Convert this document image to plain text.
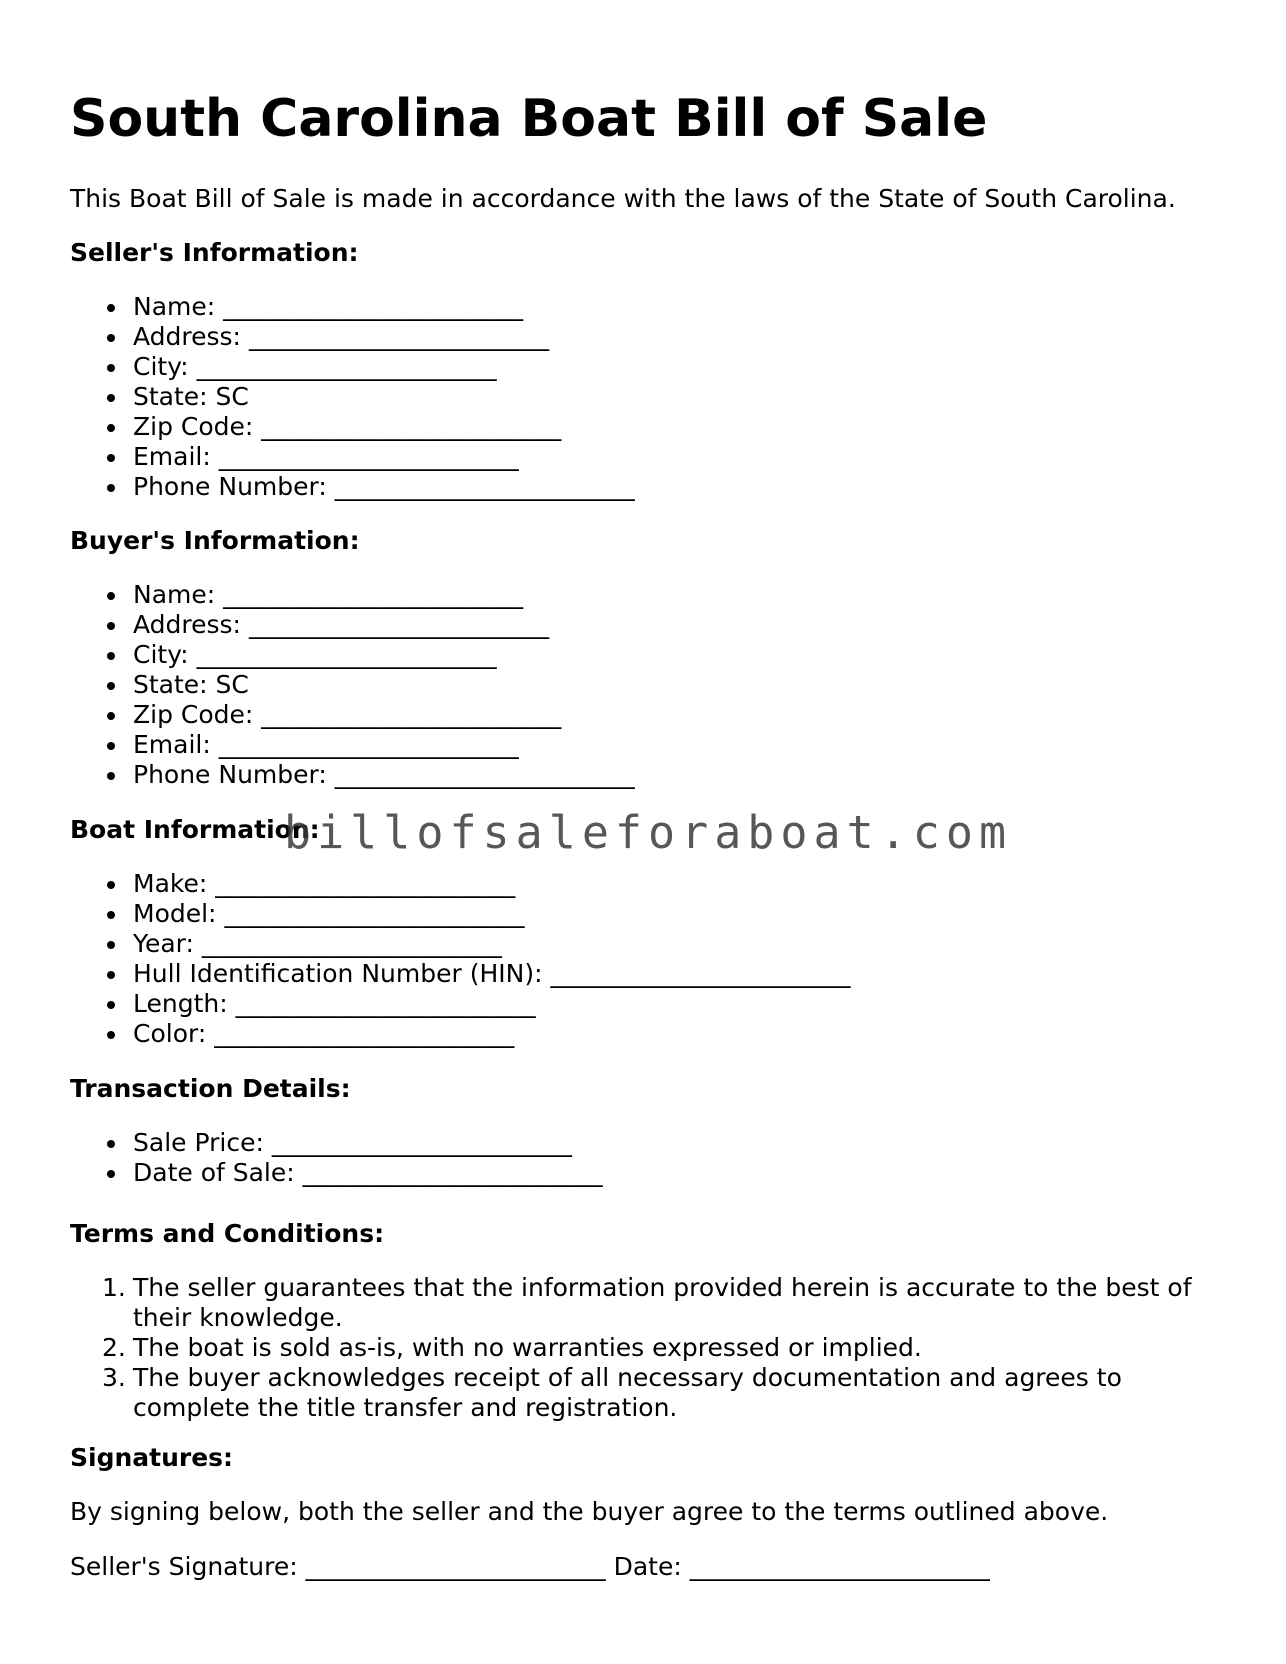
South Carolina Boat Bill of Sale

This Boat Bill of Sale is made in accordance with the laws of the State of South Carolina.

Seller's Information:

Name: ________________________
Address: ________________________
City: ________________________
State: SC
Zip Code: ________________________
Email: ________________________
Phone Number: ________________________

Buyer's Information:

Name: ________________________
Address: ________________________
City: ________________________
State: SC
Zip Code: ________________________
Email: ________________________
Phone Number: ________________________

Boat Information:

Make: ________________________
Model: ________________________
Year: ________________________
Hull Identification Number (HIN): ________________________
Length: ________________________
Color: ________________________

Transaction Details:

Sale Price: ________________________
Date of Sale: ________________________

Terms and Conditions:

1. The seller guarantees that the information provided herein is accurate to the best of their knowledge.
2. The boat is sold as-is, with no warranties expressed or implied.
3. The buyer acknowledges receipt of all necessary documentation and agrees to complete the title transfer and registration.

Signatures:

By signing below, both the seller and the buyer agree to the terms outlined above.

Seller's Signature: ________________________ Date: ________________________

billofsaleforaboat.com
